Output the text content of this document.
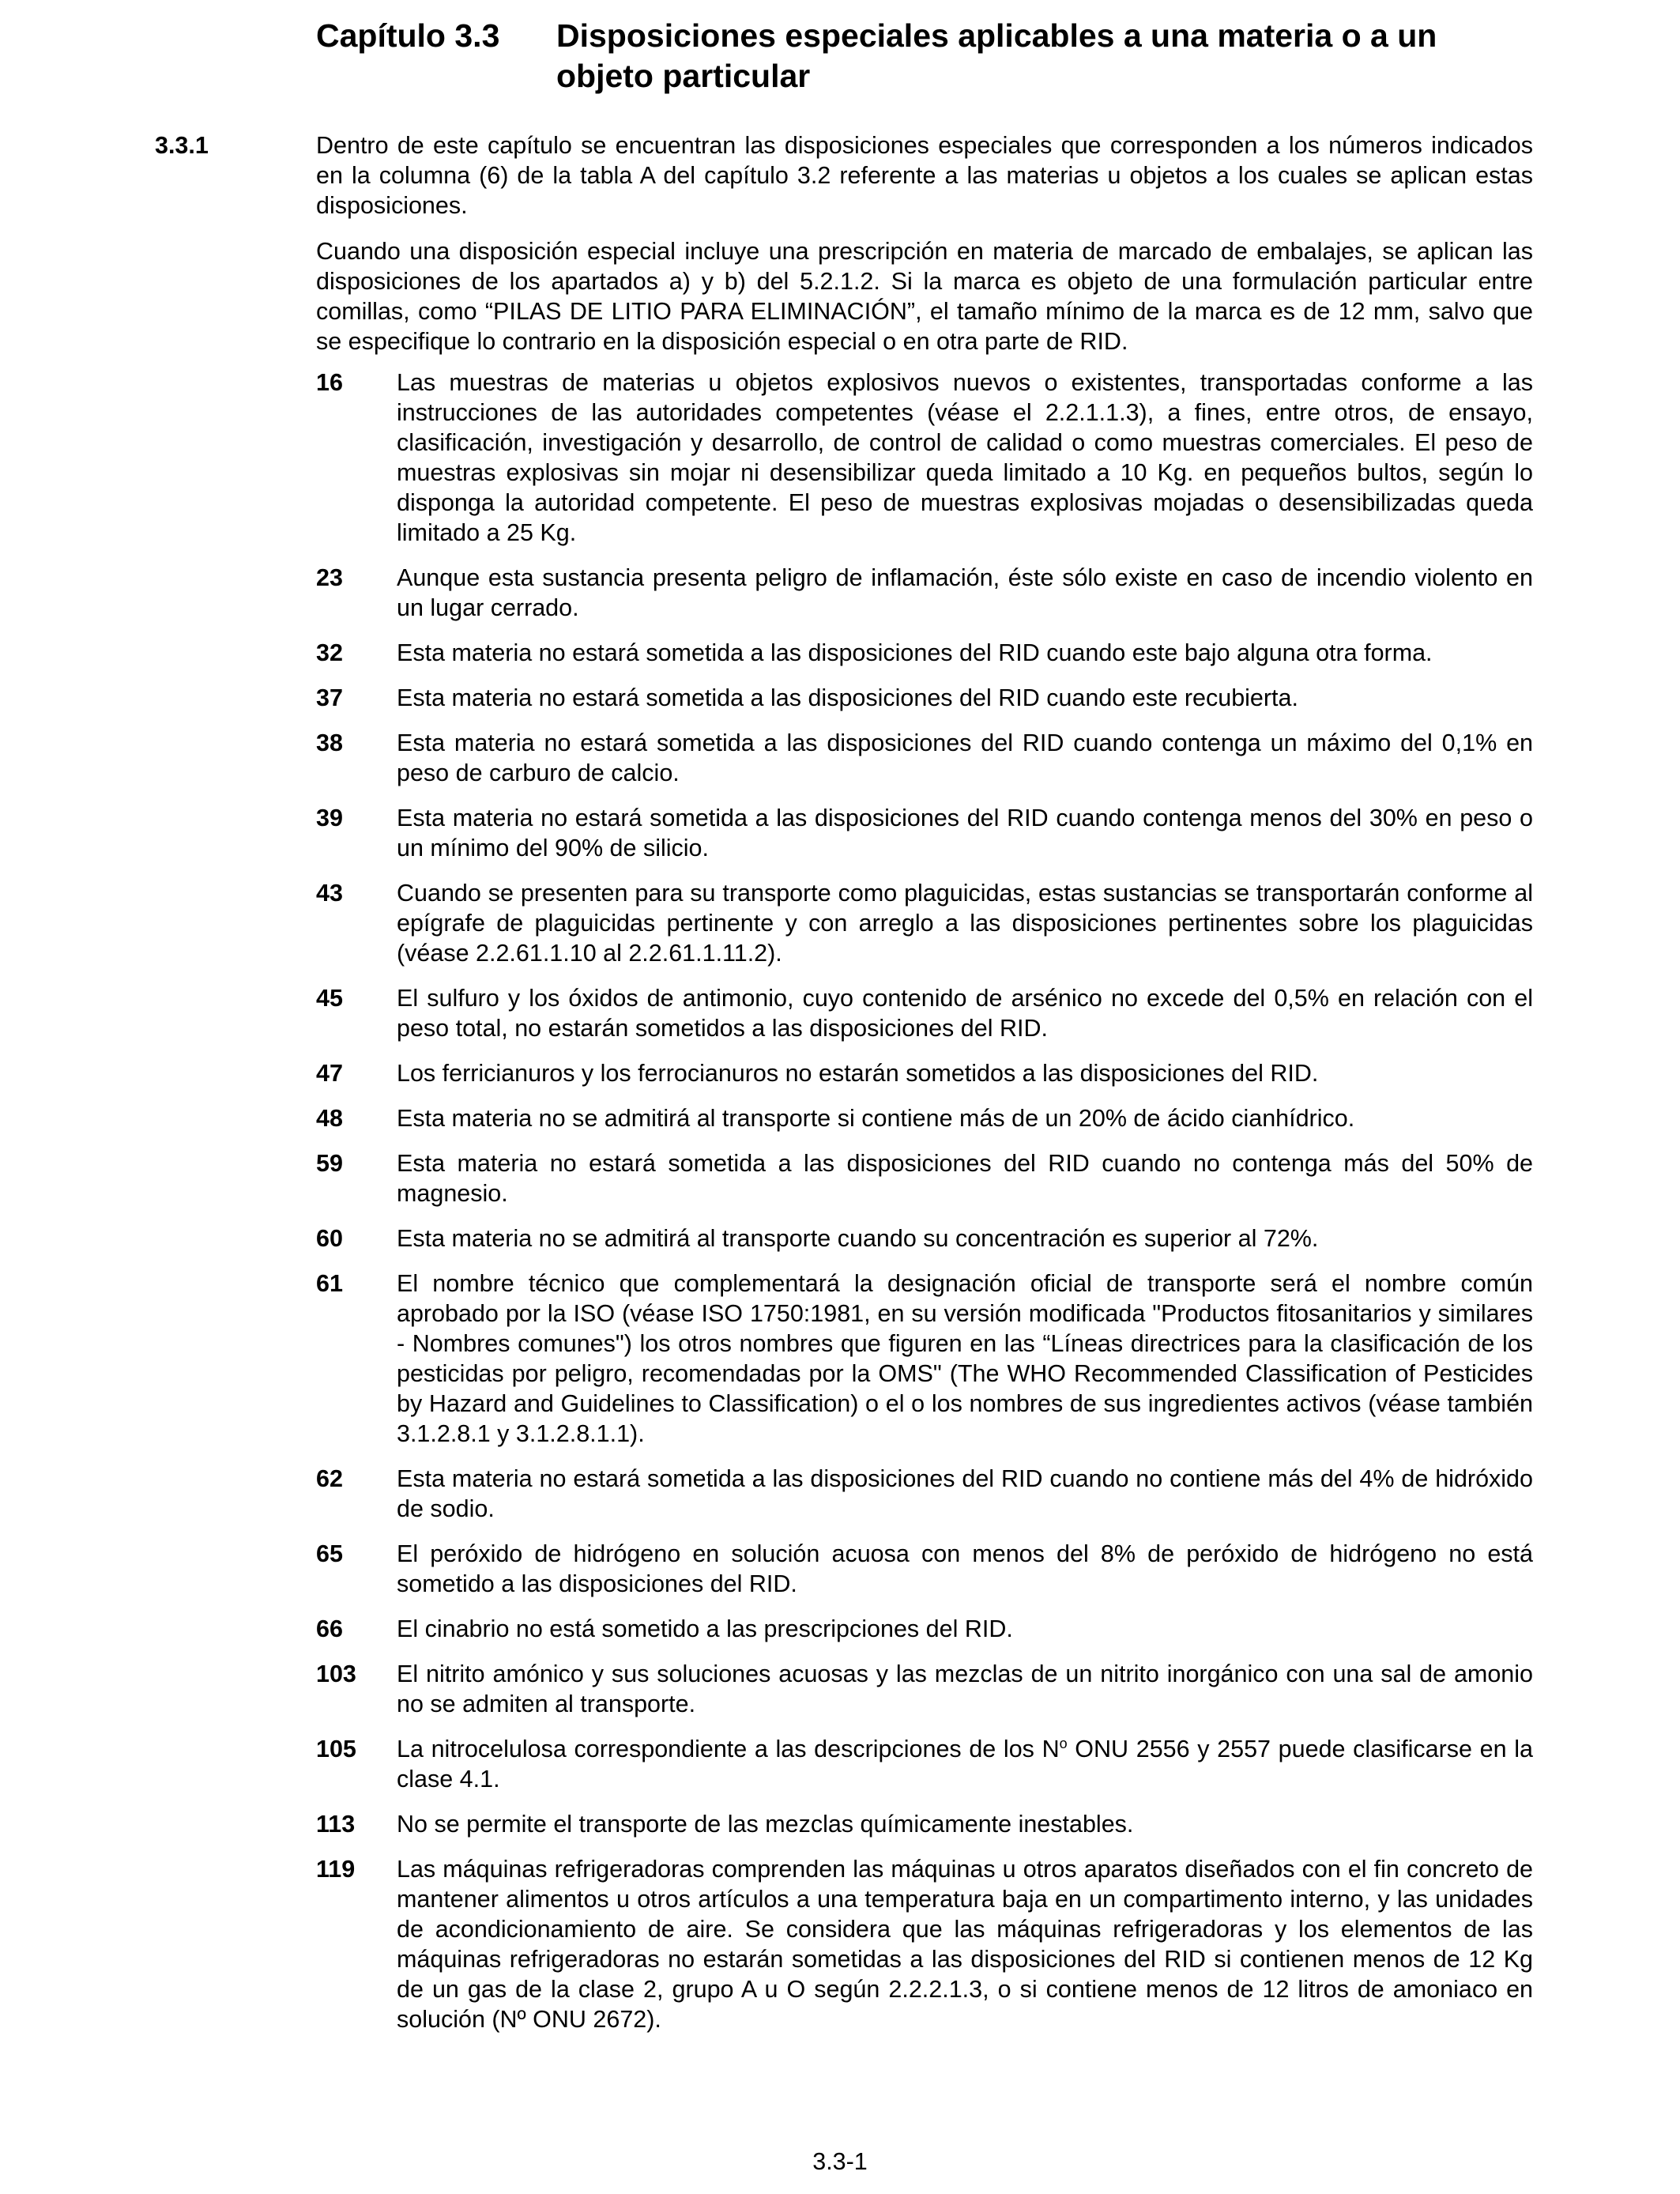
Capítulo 3.3 Disposiciones especiales aplicables a una materia o a un objeto particular
3.3.1	Dentro de este capítulo se encuentran las disposiciones especiales que corresponden a los números indicados en la columna (6) de la tabla A del capítulo 3.2 referente a las materias u objetos a los cuales se aplican estas disposiciones.

Cuando una disposición especial incluye una prescripción en materia de marcado de embalajes, se aplican las disposiciones de los apartados a) y b) del 5.2.1.2. Si la marca es objeto de una formulación particular entre comillas, como “PILAS DE LITIO PARA ELIMINACIÓN”, el tamaño mínimo de la marca es de 12 mm, salvo que se especifique lo contrario en la disposición especial o en otra parte de RID.

16 Las muestras de materias u objetos explosivos nuevos o existentes, transportadas conforme a las instrucciones de las autoridades competentes (véase el 2.2.1.1.3), a fines, entre otros, de ensayo, clasificación, investigación y desarrollo, de control de calidad o como muestras comerciales. El peso de muestras explosivas sin mojar ni desensibilizar queda limitado a 10 Kg. en pequeños bultos, según lo disponga la autoridad competente. El peso de muestras explosivas mojadas o desensibilizadas queda limitado a 25 Kg.
23 Aunque esta sustancia presenta peligro de inflamación, éste sólo existe en caso de incendio violento en un lugar cerrado.
32 Esta materia no estará sometida a las disposiciones del RID cuando este bajo alguna otra forma.
37 Esta materia no estará sometida a las disposiciones del RID cuando este recubierta.
38 Esta materia no estará sometida a las disposiciones del RID cuando contenga un máximo del 0,1% en peso de carburo de calcio.
39 Esta materia no estará sometida a las disposiciones del RID cuando contenga menos del 30% en peso o un mínimo del 90% de silicio.
43 Cuando se presenten para su transporte como plaguicidas, estas sustancias se transportarán conforme al epígrafe de plaguicidas pertinente y con arreglo a las disposiciones pertinentes sobre los plaguicidas (véase 2.2.61.1.10 al 2.2.61.1.11.2).
45 El sulfuro y los óxidos de antimonio, cuyo contenido de arsénico no excede del 0,5% en relación con el peso total, no estarán sometidos a las disposiciones del RID.
47 Los ferricianuros y los ferrocianuros no estarán sometidos a las disposiciones del RID.
48 Esta materia no se admitirá al transporte si contiene más de un 20% de ácido cianhídrico.
59 Esta materia no estará sometida a las disposiciones del RID cuando no contenga más del 50% de magnesio.
60 Esta materia no se admitirá al transporte cuando su concentración es superior al 72%.
61 El nombre técnico que complementará la designación oficial de transporte será el nombre común aprobado por la ISO (véase ISO 1750:1981, en su versión modificada "Productos fitosanitarios y similares - Nombres comunes") los otros nombres que figuren en las “Líneas directrices para la clasificación de los pesticidas por peligro, recomendadas por la OMS" (The WHO Recommended Classification of Pesticides by Hazard and Guidelines to Classification) o el o los nombres de sus ingredientes activos (véase también 3.1.2.8.1 y 3.1.2.8.1.1).
62 Esta materia no estará sometida a las disposiciones del RID cuando no contiene más del 4% de hidróxido de sodio.
65 El peróxido de hidrógeno en solución acuosa con menos del 8% de peróxido de hidrógeno no está sometido a las disposiciones del RID.
66 El cinabrio no está sometido a las prescripciones del RID.
103 El nitrito amónico y sus soluciones acuosas y las mezclas de un nitrito inorgánico con una sal de amonio no se admiten al transporte.
105 La nitrocelulosa correspondiente a las descripciones de los $N^o$ ONU 2556 y 2557 puede clasificarse en la clase 4.1.
113 No se permite el transporte de las mezclas químicamente inestables.
119 Las máquinas refrigeradoras comprenden las máquinas u otros aparatos diseñados con el fin concreto de mantener alimentos u otros artículos a una temperatura baja en un compartimento interno, y las unidades de acondicionamiento de aire. Se considera que las máquinas refrigeradoras y los elementos de las máquinas refrigeradoras no estarán sometidas a las disposiciones del RID si contienen menos de 12 Kg de un gas de la clase 2, grupo A u O según 2.2.2.1.3, o si contiene menos de 12 litros de amoniaco en solución (Nº ONU 2672).
3.3-1
